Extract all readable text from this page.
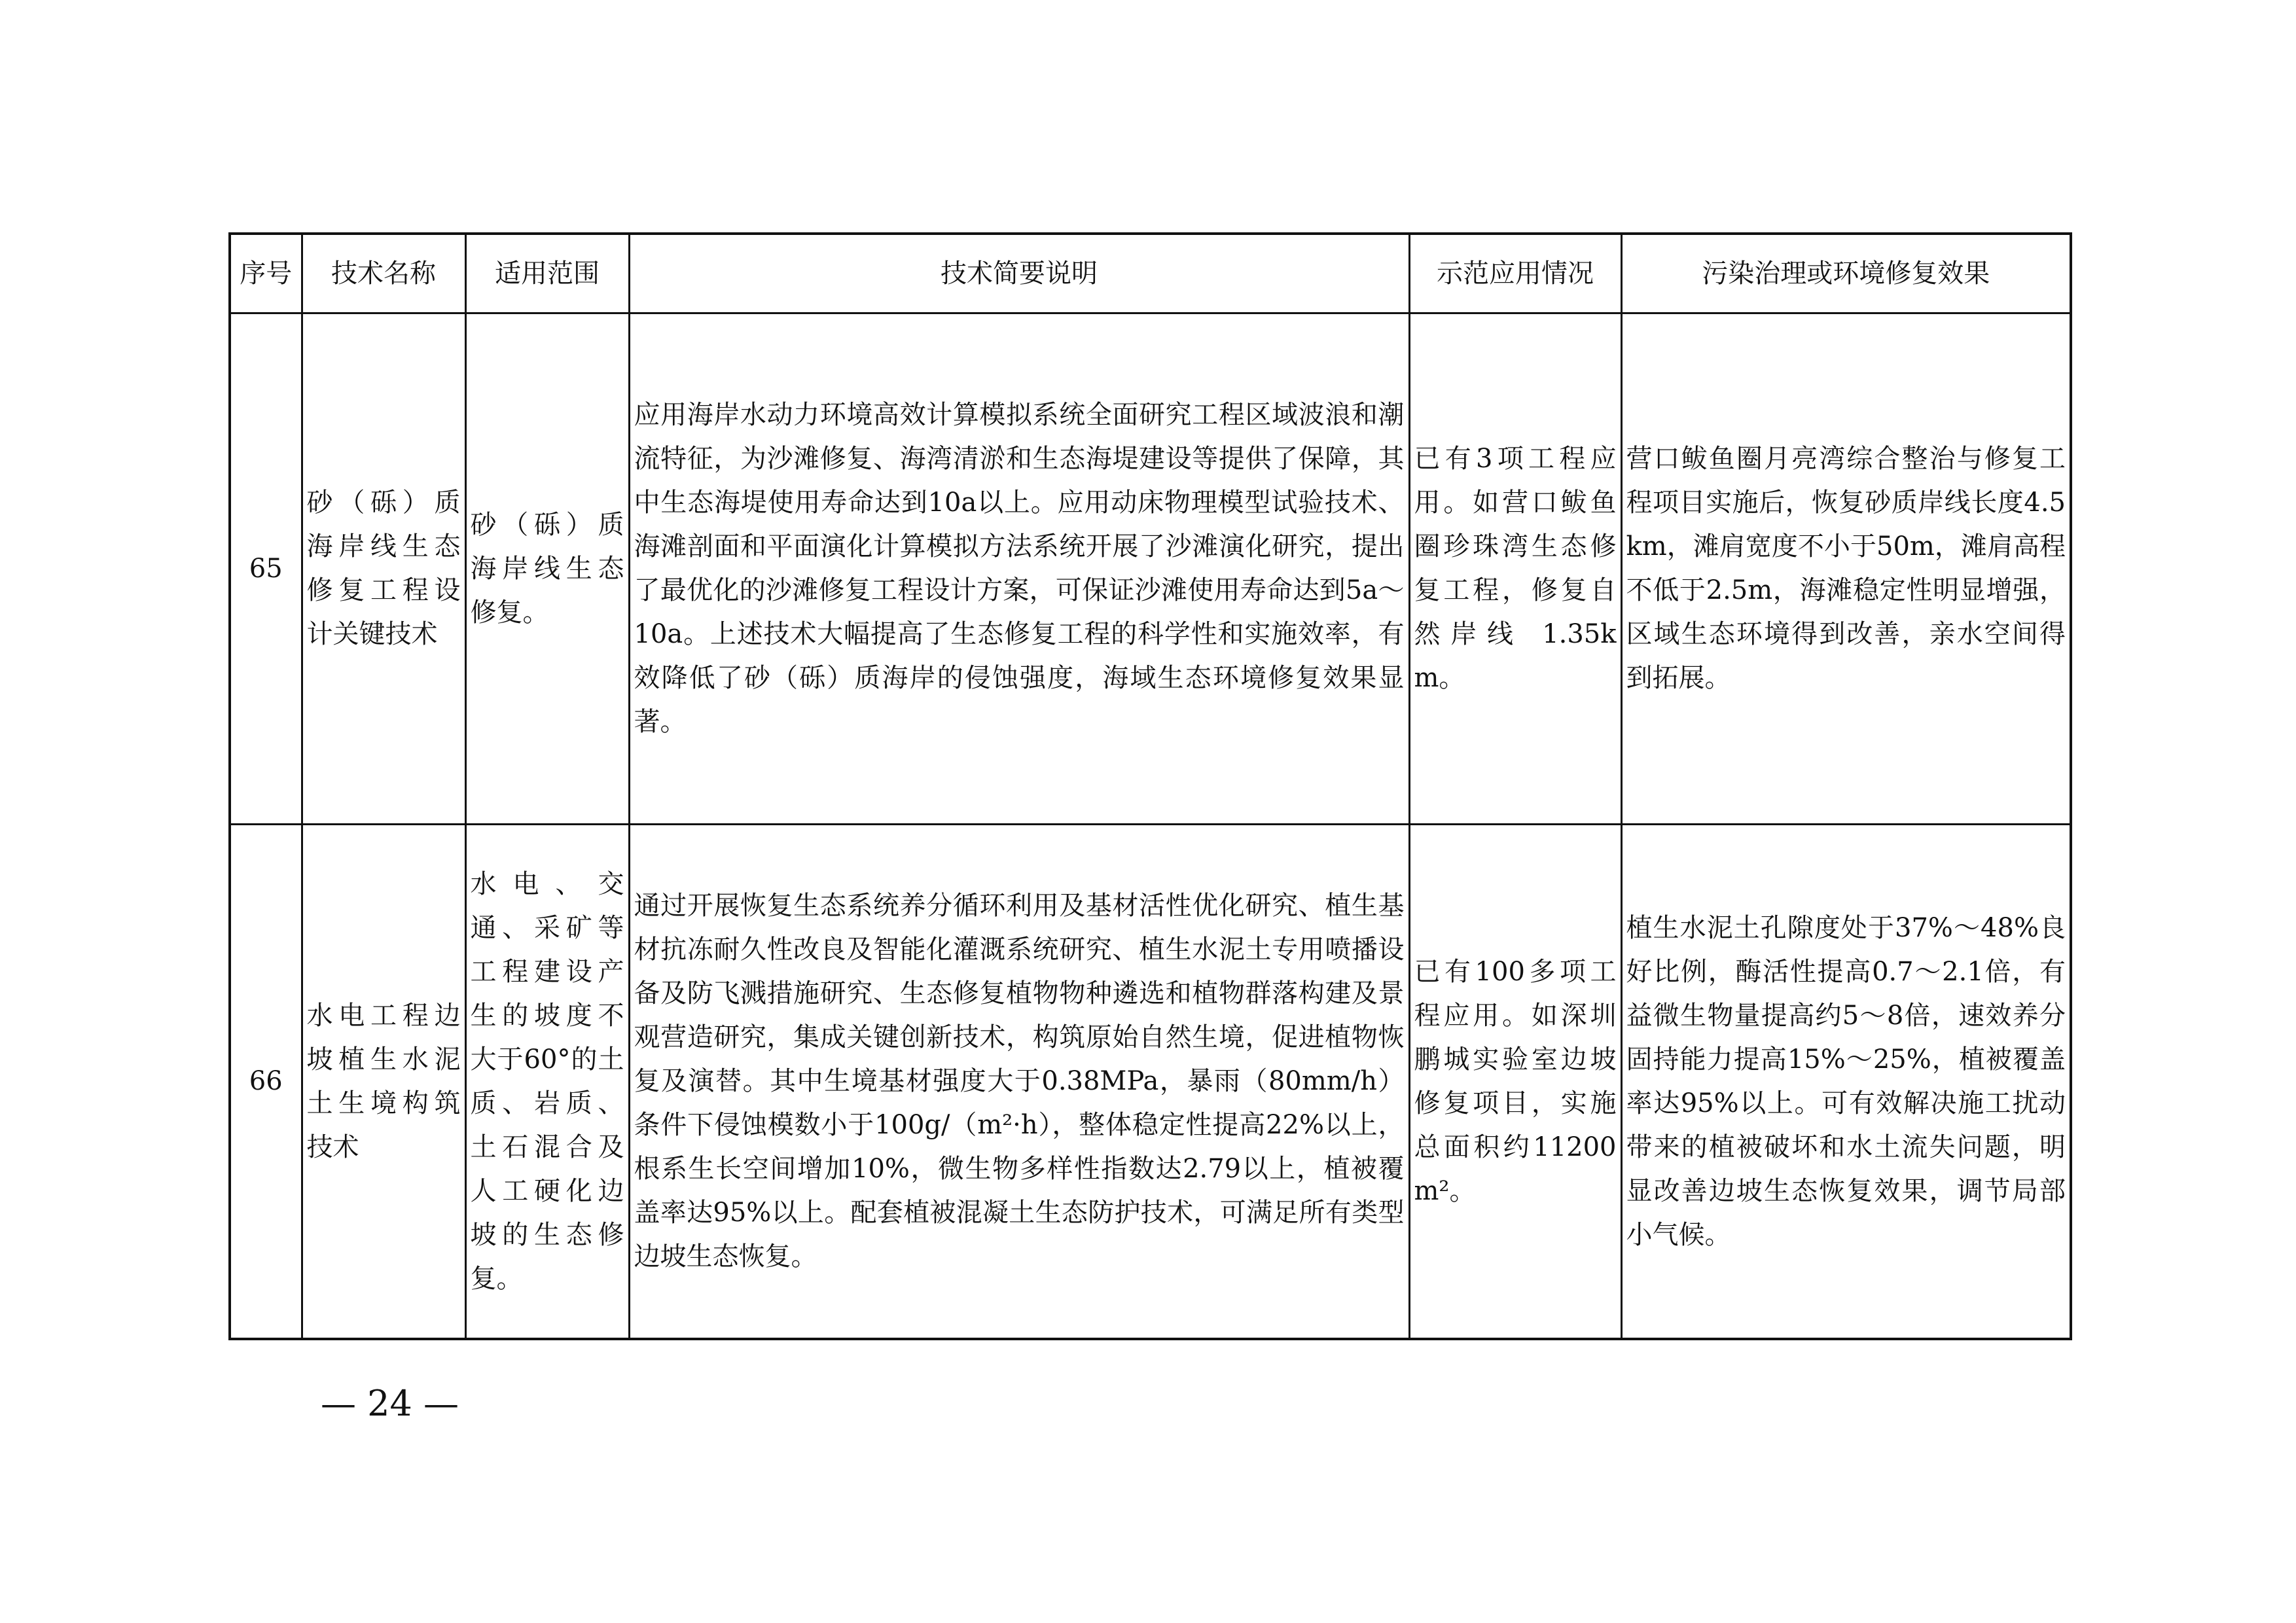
序号	技术名称	适用范围	技术简要说明	示范应用情况	污染治理或环境修复效果
65	砂（砾）质海岸线生态修复工程设计关键技术	砂（砾）质海岸线生态修复。	应用海岸水动力环境高效计算模拟系统全面研究工程区域波浪和潮流特征，为沙滩修复、海湾清淤和生态海堤建设等提供了保障，其中生态海堤使用寿命达到10a以上。应用动床物理模型试验技术、海滩剖面和平面演化计算模拟方法系统开展了沙滩演化研究，提出了最优化的沙滩修复工程设计方案，可保证沙滩使用寿命达到5a～10a。上述技术大幅提高了生态修复工程的科学性和实施效率，有效降低了砂（砾）质海岸的侵蚀强度，海域生态环境修复效果显著。	已有3项工程应用。如营口鲅鱼圈珍珠湾生态修复工程，修复自然岸线 1.35km。	营口鲅鱼圈月亮湾综合整治与修复工程项目实施后，恢复砂质岸线长度4.5km，滩肩宽度不小于50m，滩肩高程不低于2.5m，海滩稳定性明显增强，区域生态环境得到改善，亲水空间得到拓展。
66	水电工程边坡植生水泥土生境构筑技术	水电、交通、采矿等工程建设产生的坡度不大于60°的土质、岩质、土石混合及人工硬化边坡的生态修复。	通过开展恢复生态系统养分循环利用及基材活性优化研究、植生基材抗冻耐久性改良及智能化灌溉系统研究、植生水泥土专用喷播设备及防飞溅措施研究、生态修复植物物种遴选和植物群落构建及景观营造研究，集成关键创新技术，构筑原始自然生境，促进植物恢复及演替。其中生境基材强度大于0.38MPa，暴雨（80mm/h）条件下侵蚀模数小于100g/（m²·h），整体稳定性提高22%以上，根系生长空间增加10%，微生物多样性指数达2.79以上，植被覆盖率达95%以上。配套植被混凝土生态防护技术，可满足所有类型边坡生态恢复。	已有100多项工程应用。如深圳鹏城实验室边坡修复项目，实施总面积约11200m²。	植生水泥土孔隙度处于37%～48%良好比例，酶活性提高0.7～2.1倍，有益微生物量提高约5～8倍，速效养分固持能力提高15%～25%，植被覆盖率达95%以上。可有效解决施工扰动带来的植被破坏和水土流失问题，明显改善边坡生态恢复效果，调节局部小气候。
— 24 —
